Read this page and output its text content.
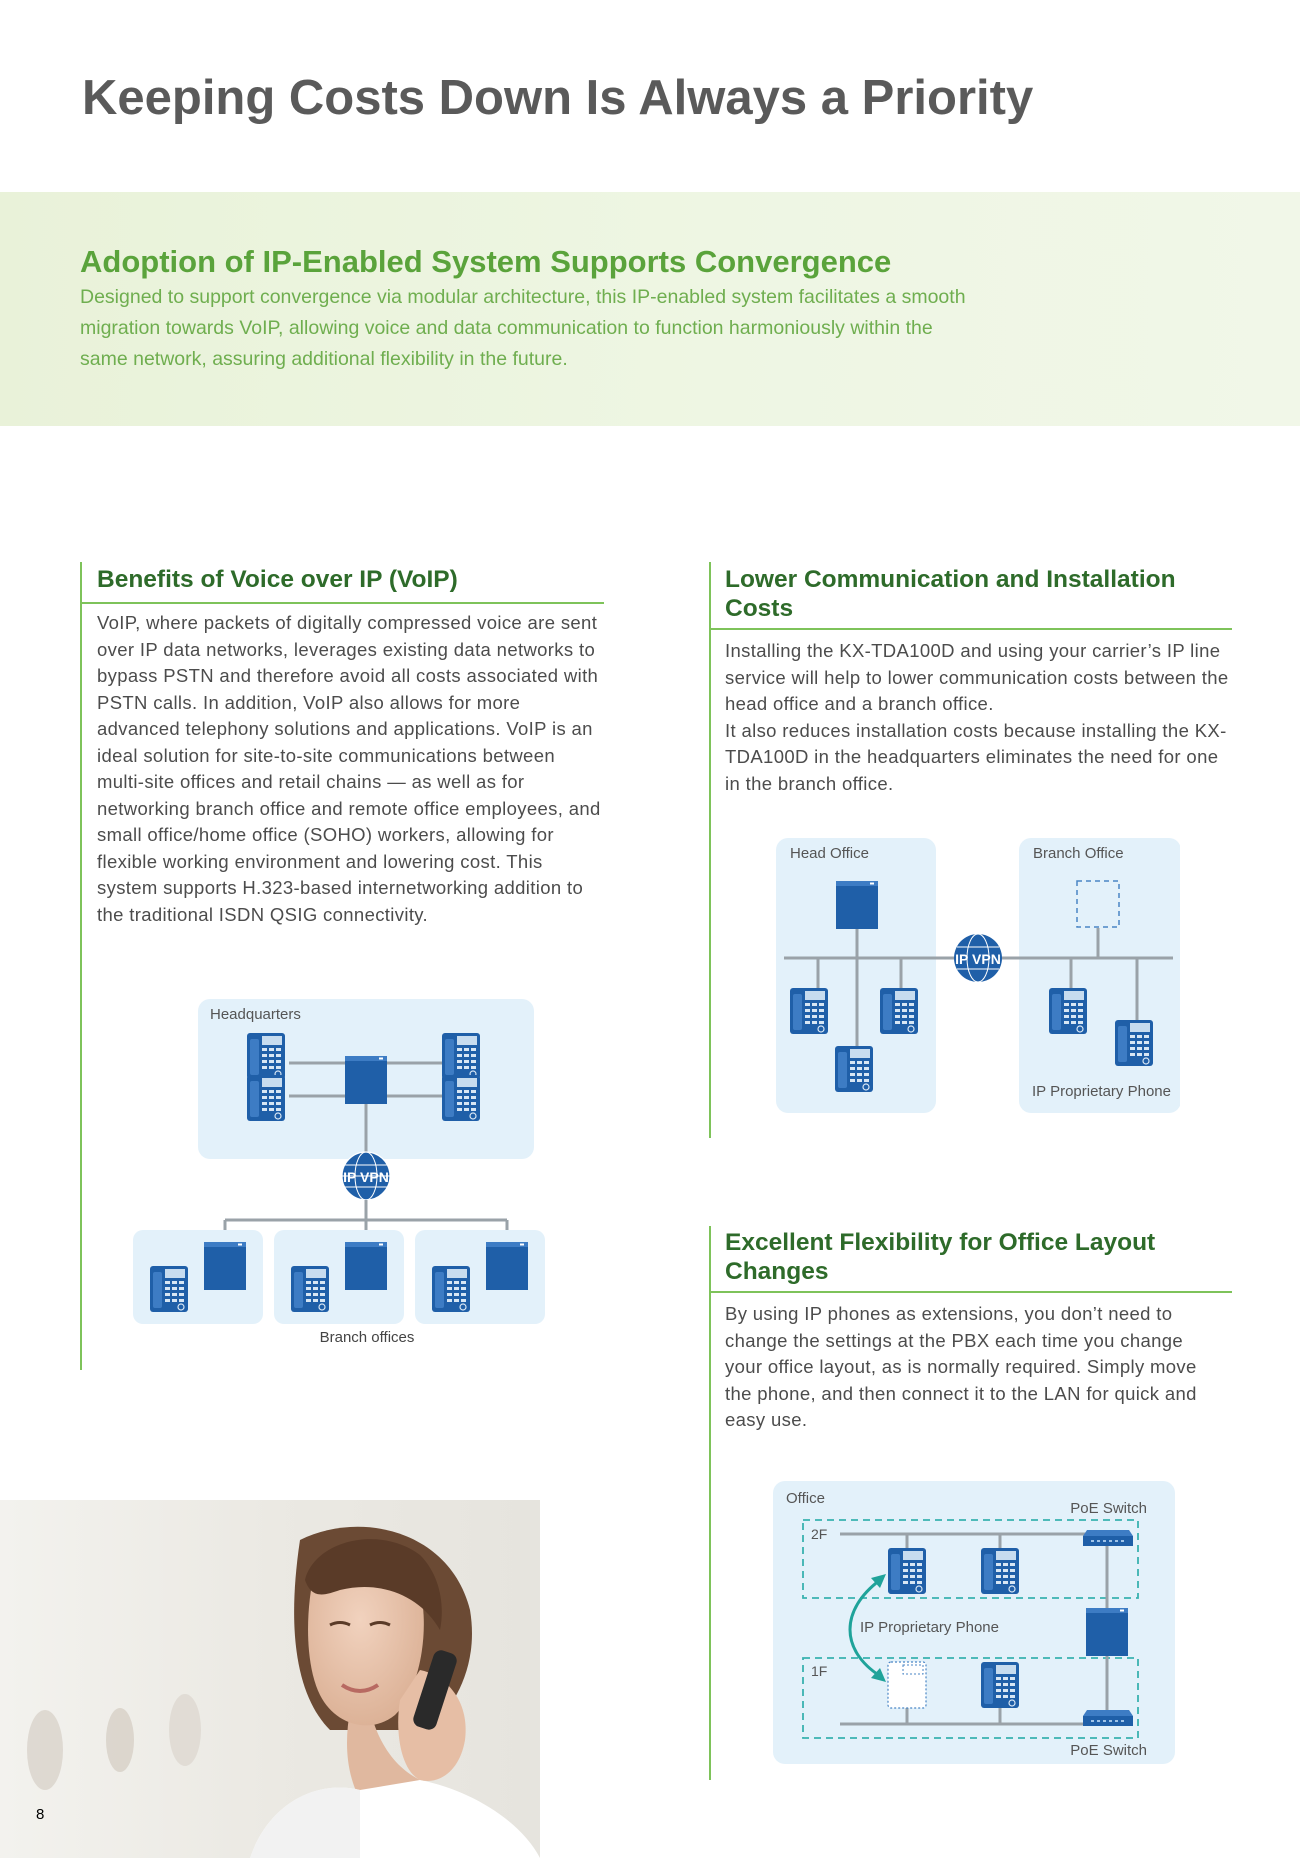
Keeping Costs Down Is Always a Priority
Adoption of IP-Enabled System Supports Convergence

Designed to support convergence via modular architecture, this IP-enabled system facilitates a smooth migration towards VoIP, allowing voice and data communication to function harmoniously within the same network, assuring additional flexibility in the future.

Benefits of Voice over IP (VoIP)

VoIP, where packets of digitally compressed voice are sent over IP data networks, leverages existing data networks to bypass PSTN and therefore avoid all costs associated with PSTN calls. In addition, VoIP also allows for more advanced telephony solutions and applications. VoIP is an ideal solution for site-to-site communications between multi-site offices and retail chains — as well as for networking branch office and remote office employees, and small office/home office (SOHO) workers, allowing for flexible working environment and lowering cost. This system supports H.323-based internetworking addition to the traditional ISDN QSIG connectivity.

Headquarters
IP VPN
Branch offices
Lower Communication and Installation Costs
Installing the KX-TDA100D and using your carrier’s IP line service will help to lower communication costs between the head office and a branch office.
It also reduces installation costs because installing the KX-TDA100D in the headquarters eliminates the need for one in the branch office.
Head Office	Branch Office
IP VPN
IP Proprietary Phone
Excellent Flexibility for Office Layout Changes

By using IP phones as extensions, you don’t need to change the settings at the PBX each time you change your office layout, as is normally required. Simply move the phone, and then connect it to the LAN for quick and easy use.

Office
PoE Switch
PoE Switch
2F
1F
IP Proprietary Phone
8
